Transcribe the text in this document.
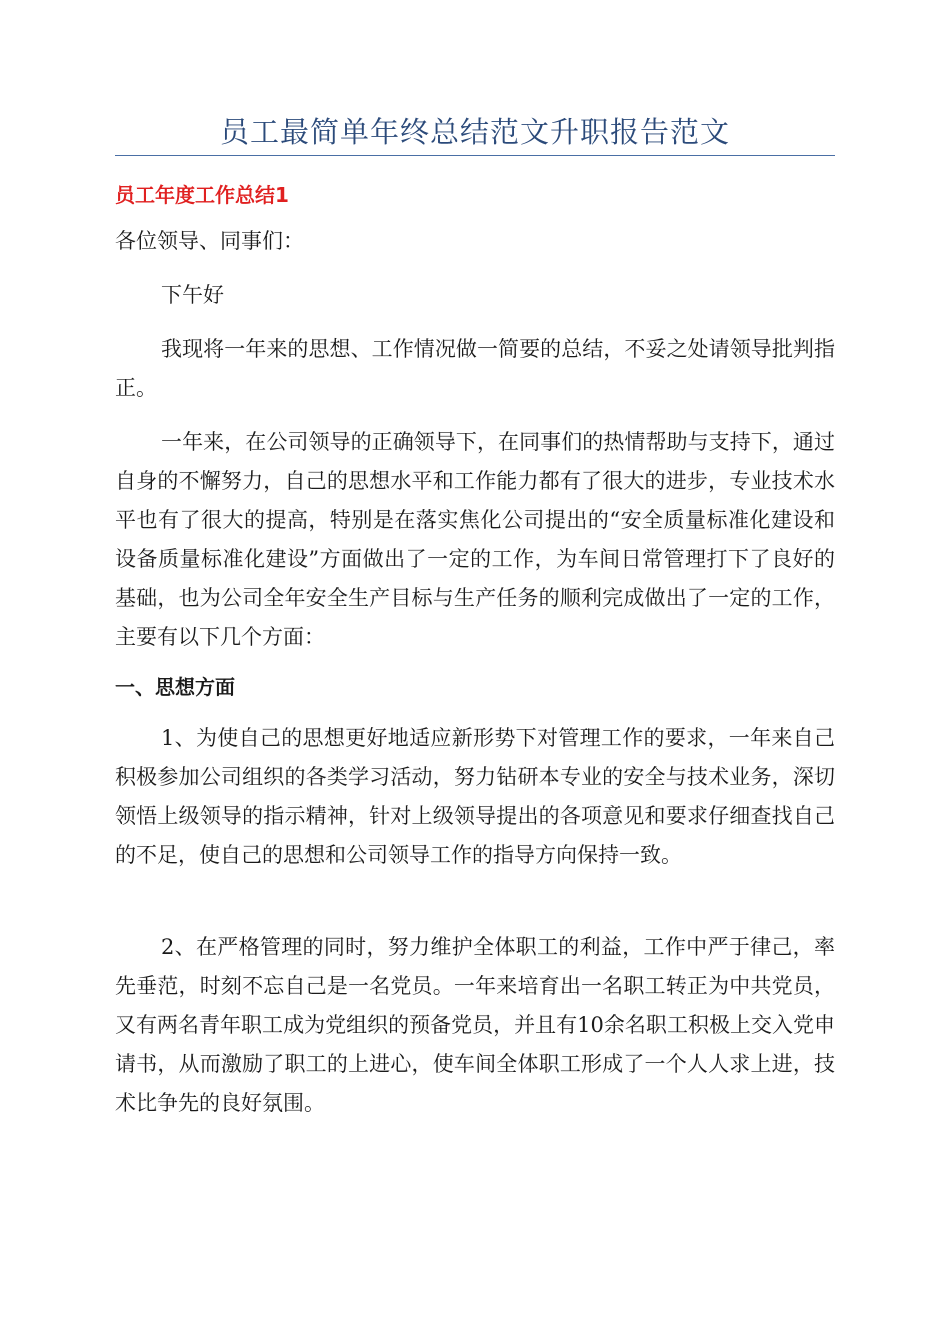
员工最简单年终总结范文升职报告范文
员工年度工作总结1
各位领导、同事们：
下午好
我现将一年来的思想、工作情况做一简要的总结，不妥之处请领导批判指正。
一年来，在公司领导的正确领导下，在同事们的热情帮助与支持下，通过自身的不懈努力，自己的思想水平和工作能力都有了很大的进步，专业技术水平也有了很大的提高，特别是在落实焦化公司提出的“安全质量标准化建设和设备质量标准化建设”方面做出了一定的工作，为车间日常管理打下了良好的基础，也为公司全年安全生产目标与生产任务的顺利完成做出了一定的工作，主要有以下几个方面：
一、思想方面
1、为使自己的思想更好地适应新形势下对管理工作的要求，一年来自己积极参加公司组织的各类学习活动，努力钻研本专业的安全与技术业务，深切领悟上级领导的指示精神，针对上级领导提出的各项意见和要求仔细查找自己的不足，使自己的思想和公司领导工作的指导方向保持一致。
2、在严格管理的同时，努力维护全体职工的利益，工作中严于律己，率先垂范，时刻不忘自己是一名党员。一年来培育出一名职工转正为中共党员，又有两名青年职工成为党组织的预备党员，并且有10余名职工积极上交入党申请书，从而激励了职工的上进心，使车间全体职工形成了一个人人求上进，技术比争先的良好氛围。
